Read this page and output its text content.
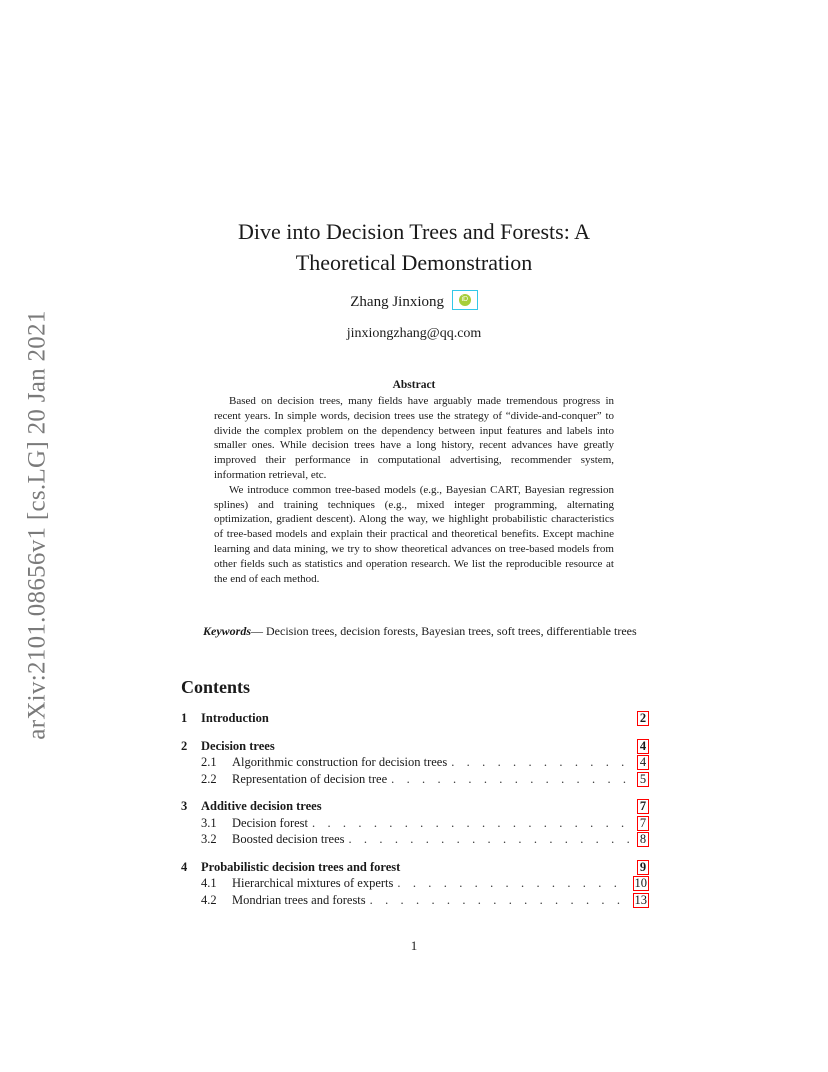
arXiv:2101.08656v1 [cs.LG] 20 Jan 2021
Dive into Decision Trees and Forests: A Theoretical Demonstration
Zhang Jinxiong	iD
jinxiongzhang@qq.com
Abstract

Based on decision trees, many fields have arguably made tremendous progress in recent years. In simple words, decision trees use the strategy of “divide-and-conquer” to divide the complex problem on the dependency between input features and labels into smaller ones. While decision trees have a long history, recent advances have greatly improved their performance in computational advertising, recommender system, information retrieval, etc.

We introduce common tree-based models (e.g., Bayesian CART, Bayesian regression splines) and training techniques (e.g., mixed integer programming, alternating optimization, gradient descent). Along the way, we highlight probabilistic characteristics of tree-based models and explain their practical and theoretical benefits. Except machine learning and data mining, we try to show theoretical advances on tree-based models from other fields such as statistics and operation research. We list the reproducible resource at the end of each method.

Keywords— Decision trees, decision forests, Bayesian trees, soft trees, differentiable trees
Contents
1	Introduction	2
2	Decision trees	4
2.1	Algorithmic construction for decision trees . . .	4
2.2	Representation of decision tree . . .	5
3	Additive decision trees	7
3.1	Decision forest . . .	7
3.2	Boosted decision trees . . .	8
4	Probabilistic decision trees and forest	9
4.1	Hierarchical mixtures of experts . . .	10
4.2	Mondrian trees and forests . . .	13
1
